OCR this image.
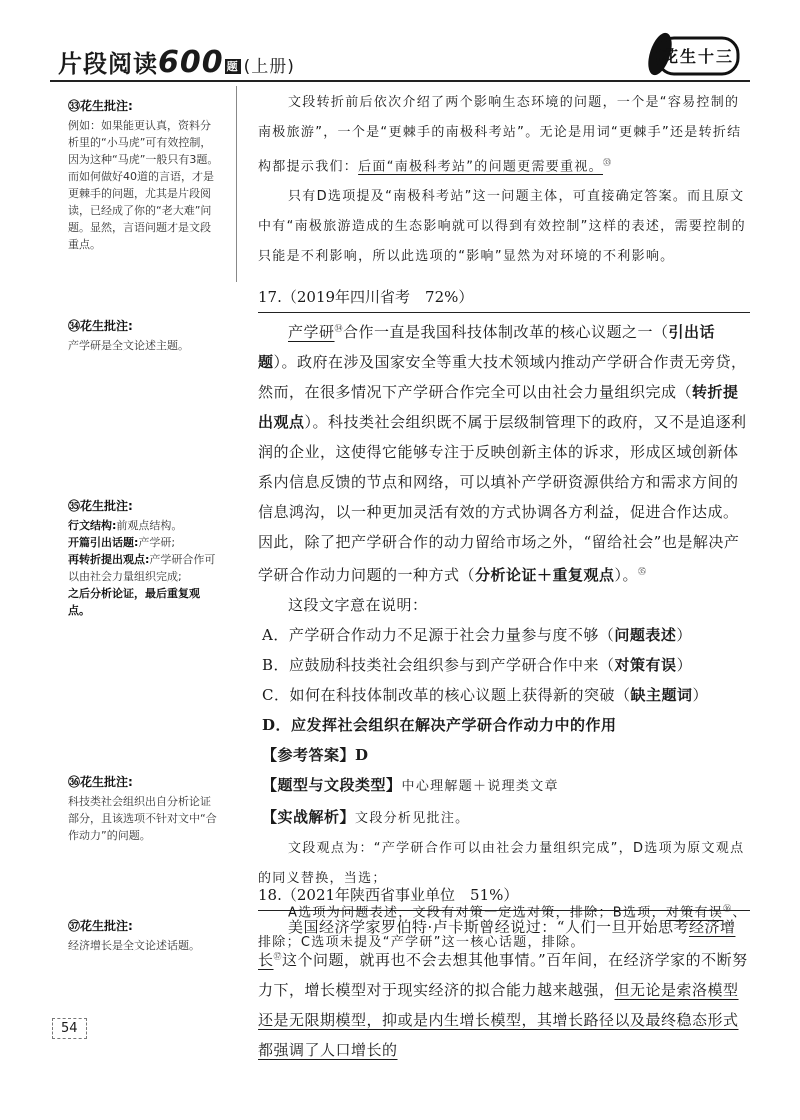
片段阅读600 题 (上册)
花生十三
㉝花生批注:
例如：如果能更认真，资料分析里的“小马虎”可有效控制，因为这种“马虎”一般只有3题。而如何做好40道的言语，才是更棘手的问题，尤其是片段阅读，已经成了你的“老大难”问题。显然，言语问题才是文段重点。
㉞花生批注:
产学研是全文论述主题。
㉟花生批注:
行文结构:前观点结构。
开篇引出话题:产学研;
再转折提出观点:产学研合作可以由社会力量组织完成;
之后分析论证，最后重复观点。
㊱花生批注:
科技类社会组织出自分析论证部分，且该选项不针对文中“合作动力”的问题。
㊲花生批注:
经济增长是全文论述话题。

文段转折前后依次介绍了两个影响生态环境的问题，一个是“容易控制的南极旅游”，一个是“更棘手的南极科考站”。无论是用词“更棘手”还是转折结构都提示我们：后面“南极科考站”的问题更需要重视。$^㉝$

只有D选项提及“南极科考站”这一问题主体，可直接确定答案。而且原文中有“南极旅游造成的生态影响就可以得到有效控制”这样的表述，需要控制的只能是不利影响，所以此选项的“影响”显然为对环境的不利影响。

17.（2019年四川省考　72%）

产学研$^㉞$合作一直是我国科技体制改革的核心议题之一（引出话题）。政府在涉及国家安全等重大技术领域内推动产学研合作责无旁贷，然而，在很多情况下产学研合作完全可以由社会力量组织完成（转折提出观点）。科技类社会组织既不属于层级制管理下的政府，又不是追逐利润的企业，这使得它能够专注于反映创新主体的诉求，形成区域创新体系内信息反馈的节点和网络，可以填补产学研资源供给方和需求方间的信息鸿沟，以一种更加灵活有效的方式协调各方利益，促进合作达成。因此，除了把产学研合作的动力留给市场之外，“留给社会”也是解决产学研合作动力问题的一种方式（分析论证＋重复观点）。$^㉟$

这段文字意在说明：

A．产学研合作动力不足源于社会力量参与度不够（问题表述）

B．应鼓励科技类社会组织参与到产学研合作中来（对策有误）

C．如何在科技体制改革的核心议题上获得新的突破（缺主题词）

D．应发挥社会组织在解决产学研合作动力中的作用

【参考答案】D

【题型与文段类型】中心理解题＋说理类文章

【实战解析】文段分析见批注。

文段观点为：“产学研合作可以由社会力量组织完成”，D选项为原文观点的同义替换，当选；

A选项为问题表述，文段有对策一定选对策，排除；B选项，对策有误$^㊱$、排除；C选项未提及“产学研”这一核心话题，排除。

18.（2021年陕西省事业单位　51%）

美国经济学家罗伯特·卢卡斯曾经说过：“人们一旦开始思考经济增长$^㊲$这个问题，就再也不会去想其他事情。”百年间，在经济学家的不断努力下，增长模型对于现实经济的拟合能力越来越强，但无论是索洛模型还是无限期模型，抑或是内生增长模型，其增长路径以及最终稳态形式都强调了人口增长的

54
